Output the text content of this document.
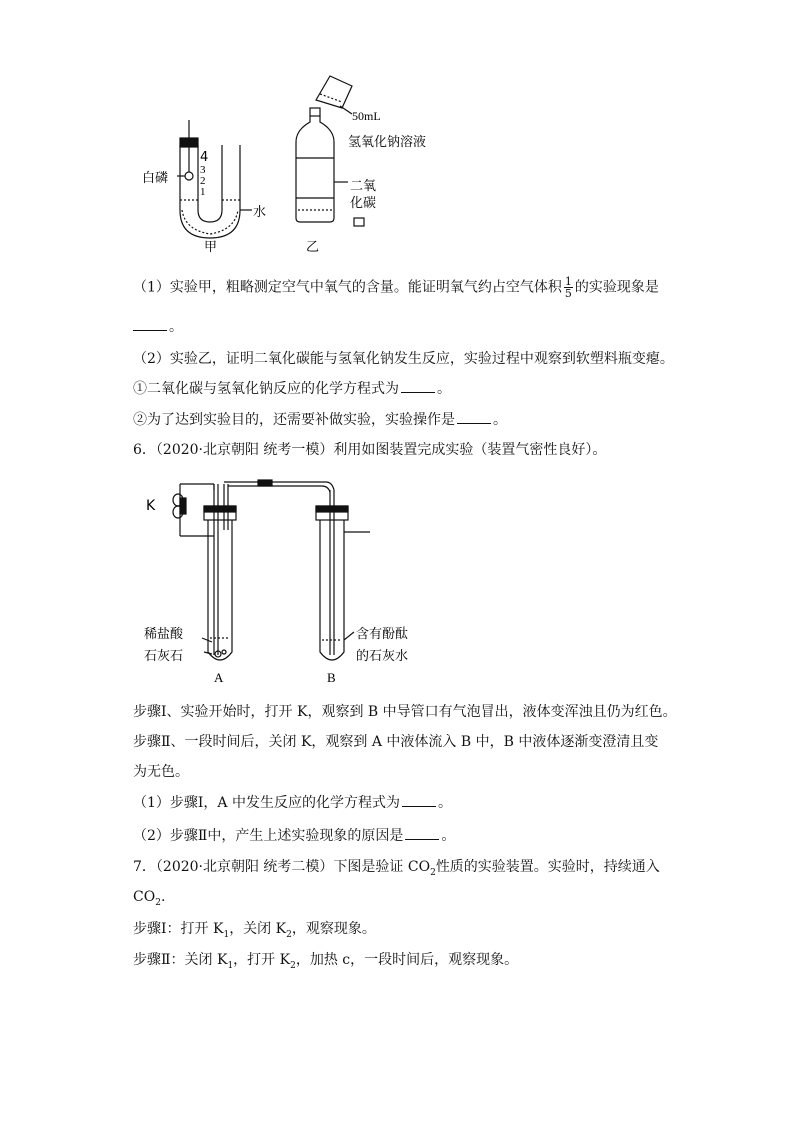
4
3
2
1
白磷
水
甲
50mL
氢氧化钠溶液
二氧
化碳
乙
（1）实验甲，粗略测定空气中氧气的含量。能证明氧气约占空气体积 $\frac{1}{5}$ 的实验现象是
。
（2）实验乙，证明二氧化碳能与氢氧化钠发生反应，实验过程中观察到软塑料瓶变瘪。
①二氧化碳与氢氧化钠反应的化学方程式为	。
②为了达到实验目的，还需要补做实验，实验操作是	。
6．（2020·北京朝阳 统考一模）利用如图装置完成实验（装置气密性良好）。
K
稀盐酸
石灰石
A	B
含有酚酞
的石灰水
步骤Ⅰ、实验开始时，打开 K，观察到 B 中导管口有气泡冒出，液体变浑浊且仍为红色。
步骤Ⅱ、一段时间后，关闭 K，观察到 A 中液体流入 B 中，B 中液体逐渐变澄清且变
为无色。
（1）步骤Ⅰ，A 中发生反应的化学方程式为	。
（2）步骤Ⅱ中，产生上述实验现象的原因是	。
7．（2020·北京朝阳 统考二模）下图是验证 $CO_2$性质的实验装置。实验时，持续通入
$CO_2$.
步骤Ⅰ：打开 $K_1$，关闭 $K_2$，观察现象。
步骤Ⅱ：关闭 $K_1$，打开 $K_2$，加热 c，一段时间后，观察现象。
